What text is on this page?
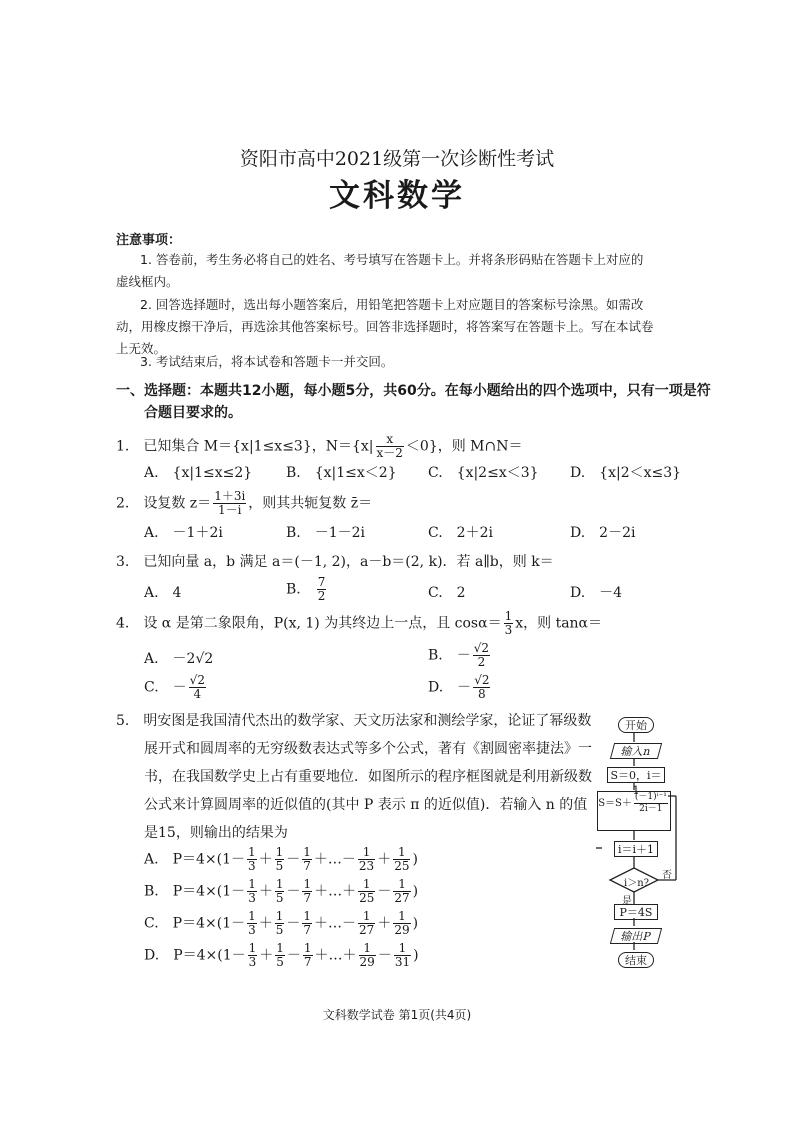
资阳市高中2021级第一次诊断性考试
文科数学
注意事项：
1. 答卷前，考生务必将自己的姓名、考号填写在答题卡上。并将条形码贴在答题卡上对应的
虚线框内。
2. 回答选择题时，选出每小题答案后，用铅笔把答题卡上对应题目的答案标号涂黑。如需改
动，用橡皮擦干净后，再选涂其他答案标号。回答非选择题时，将答案写在答题卡上。写在本试卷
上无效。
3. 考试结束后，将本试卷和答题卡一并交回。
一、选择题：本题共12小题，每小题5分，共60分。在每小题给出的四个选项中，只有一项是符
合题目要求的。
1.　已知集合 M＝{x|1≤x≤3}，$N=\{x| \frac{x}{x-2} <0\}$，则 M∩N＝
A.　{x|1≤x≤2} B.　{x|1≤x＜2} C.　{x|2≤x＜3} D.　{x|2＜x≤3}
2.　设复数 $z= \frac{1+3i}{1-i}$ ，则其共轭复数 z̄＝
A.　－1＋2i	B.　－1－2i	C.　2＋2i	D.　2－2i
3.　已知向量 a，b 满足 a＝(－1, 2)，a－b＝(2, k)．若 a∥b，则 k＝
A.　4	B.　 $\frac{7}{2}$	C.　2	D.　－4
4.　设 α 是第二象限角，P(x, 1) 为其终边上一点，且 $\cos\alpha= \frac{1}{3}$ x，则 tanα＝
A.　－2√2	B.　－ $\frac{√2}{2}$
C.　－ $\frac{√2}{4}$	D.　－ $\frac{√2}{8}$
5.　明安图是我国清代杰出的数学家、天文历法家和测绘学家，论证了幂级数
展开式和圆周率的无穷级数表达式等多个公式，著有《割圆密率捷法》一
书，在我国数学史上占有重要地位．如图所示的程序框图就是利用新级数
公式来计算圆周率的近似值的(其中 P 表示 π 的近似值)．若输入 n 的值
是15，则输出的结果为
A.　 $P=4\times(1- \frac{1}{3} + \frac{1}{5} - \frac{1}{7}$ ＋…－ $\frac{1}{23} + \frac{1}{25}$ )
B.　 $P=4\times(1- \frac{1}{3} + \frac{1}{5} - \frac{1}{7}$ ＋…＋ $\frac{1}{25} - \frac{1}{27}$ )
C.　 $P=4\times(1- \frac{1}{3} + \frac{1}{5} - \frac{1}{7}$ ＋…－ $\frac{1}{27} + \frac{1}{29}$ )
D.　 $P=4\times(1- \frac{1}{3} + \frac{1}{5} - \frac{1}{7}$ ＋…＋ $\frac{1}{29} - \frac{1}{31}$ )
开始
输入n
S＝0，i＝1
$S=S+ \frac{\text{(－1)ⁱ⁻¹}}{2i-1}$
i＝i＋1
i＞n?
否
是
P＝4S
输出P
结束
文科数学试卷 第1页(共4页)
